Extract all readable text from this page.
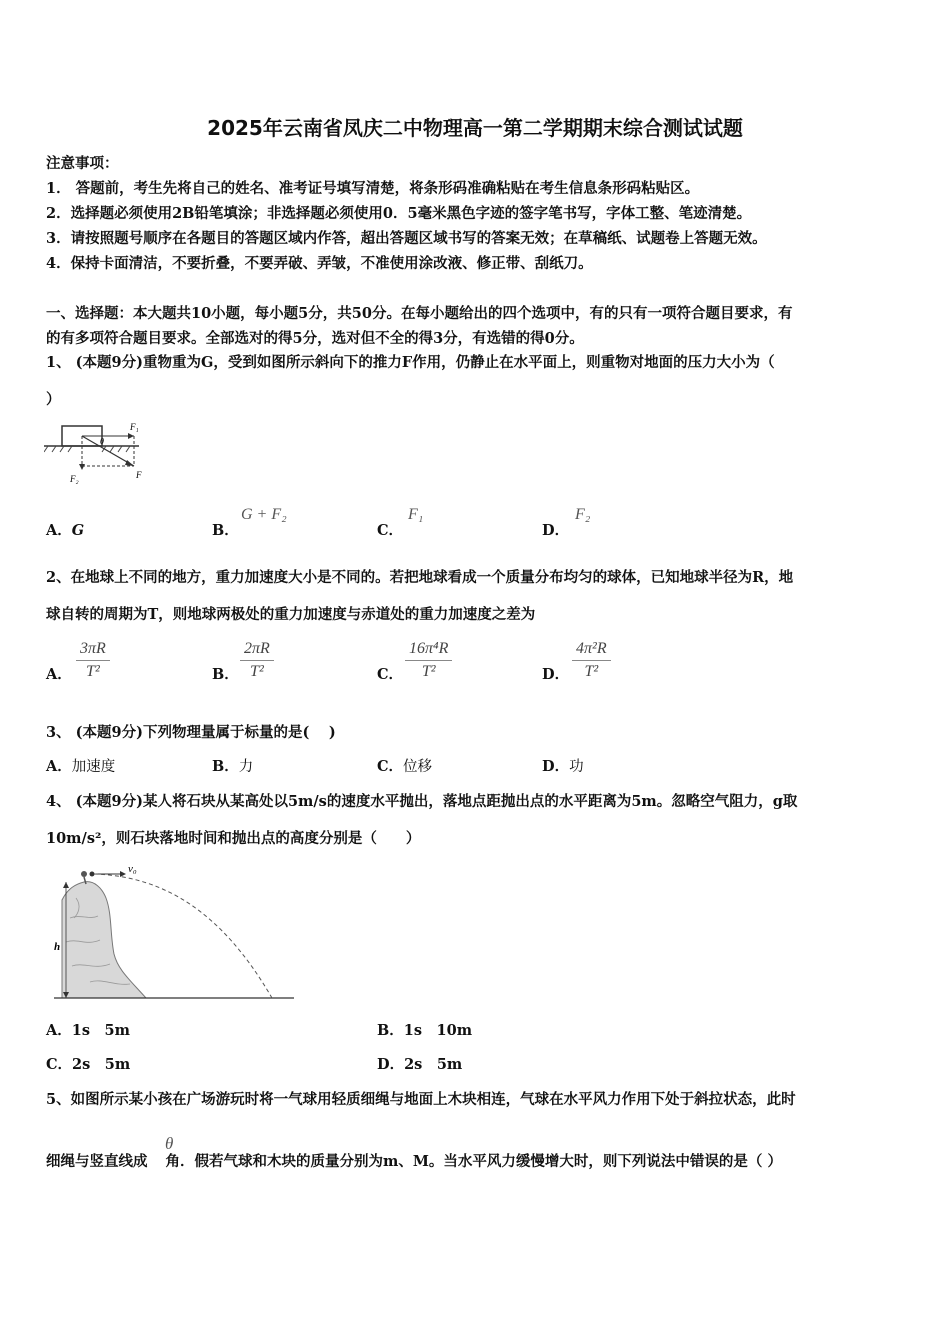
2025年云南省凤庆二中物理高一第二学期期末综合测试试题
注意事项：
1． 答题前，考生先将自己的姓名、准考证号填写清楚，将条形码准确粘贴在考生信息条形码粘贴区。
2．选择题必须使用2B铅笔填涂；非选择题必须使用0．5毫米黑色字迹的签字笔书写，字体工整、笔迹清楚。
3．请按照题号顺序在各题目的答题区域内作答，超出答题区域书写的答案无效；在草稿纸、试题卷上答题无效。
4．保持卡面清洁，不要折叠，不要弄破、弄皱，不准使用涂改液、修正带、刮纸刀。
一、选择题：本大题共10小题，每小题5分，共50分。在每小题给出的四个选项中，有的只有一项符合题目要求，有
的有多项符合题目要求。全部选对的得5分，选对但不全的得3分，有选错的得0分。
1、 (本题9分)重物重为G，受到如图所示斜向下的推力F作用，仍静止在水平面上，则重物对地面的压力大小为（
）
F₁
F₂	F
θ
A．G	B．
G + F₂
C．
F₁
D．
F₂
2、在地球上不同的地方，重力加速度大小是不同的。若把地球看成一个质量分布均匀的球体，已知地球半径为R，地
球自转的周期为T，则地球两极处的重力加速度与赤道处的重力加速度之差为
A． $\frac{3\pi R}{\text{T²}}$	B． $\frac{2\pi R}{\text{T²}}$	C． $\frac{\text{16π⁴R}}{\text{T²}}$	D． $\frac{\text{4π²R}}{\text{T²}}$
3、 (本题9分)下列物理量属于标量的是(　 )
A．加速度	B．力	C．位移	D．功
4、 (本题9分)某人将石块从某高处以5m/s的速度水平抛出，落地点距抛出点的水平距离为5m。忽略空气阻力，g取
10m/s²，则石块落地时间和抛出点的高度分别是（　　）
v₀
h
A．1s　5m	B．1s　10m
C．2s　5m	D．2s　5m
5、如图所示某小孩在广场游玩时将一气球用轻质细绳与地面上木块相连，气球在水平风力作用下处于斜拉状态，此时
细绳与竖直线成 角．假若气球和木块的质量分别为m、M。当水平风力缓慢增大时，则下列说法中错误的是（ ）
θ
